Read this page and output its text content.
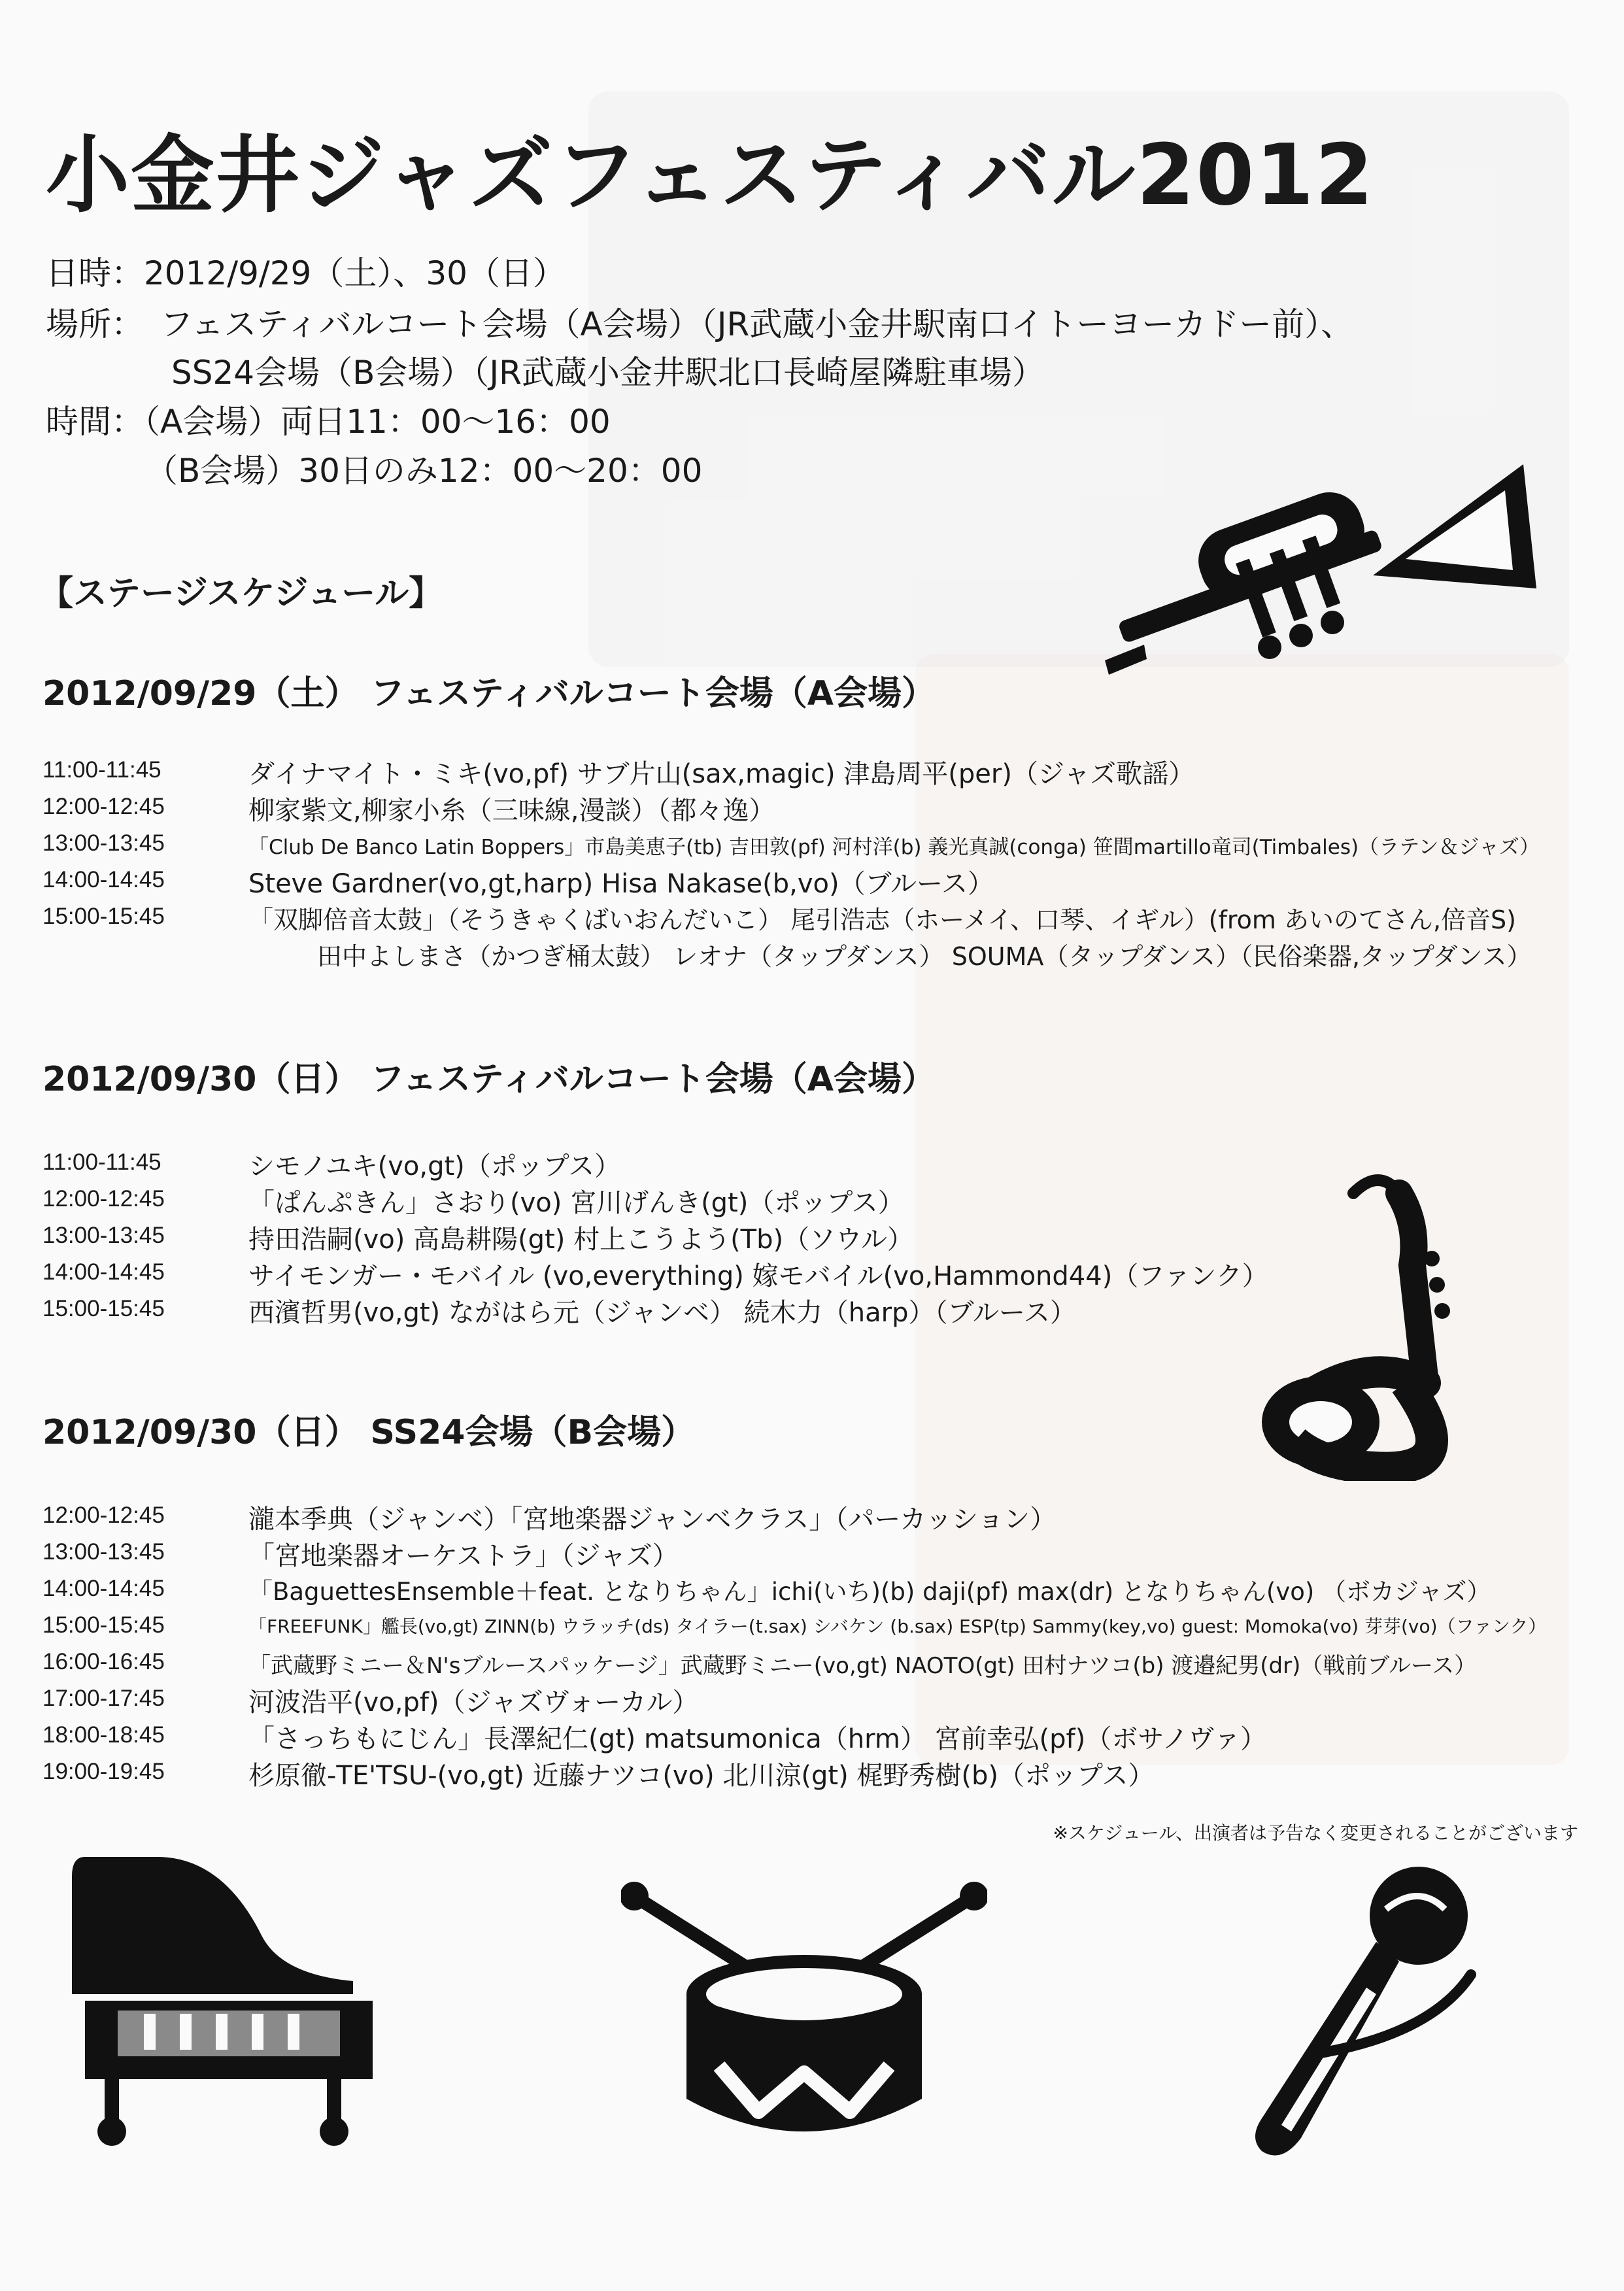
小金井ジャズフェスティバル2012
日時：2012/9/29（土）、30（日）
場所：　フェスティバルコート会場（A会場）（JR武蔵小金井駅南口イトーヨーカドー前）、
SS24会場（B会場）（JR武蔵小金井駅北口長崎屋隣駐車場）
時間：（A会場）両日11：00～16：00
（B会場）30日のみ12：00～20：00
【ステージスケジュール】
2012/09/29（土） フェスティバルコート会場（A会場）
11:00-11:45	ダイナマイト・ミキ(vo,pf) サブ片山(sax,magic) 津島周平(per)（ジャズ歌謡）
12:00-12:45	柳家紫文,柳家小糸（三味線,漫談）（都々逸）
13:00-13:45	「Club De Banco Latin Boppers」市島美恵子(tb) 吉田敦(pf) 河村洋(b) 義光真誠(conga) 笹間martillo竜司(Timbales)（ラテン＆ジャズ）
14:00-14:45	Steve Gardner(vo,gt,harp) Hisa Nakase(b,vo)（ブルース）
15:00-15:45	「双脚倍音太鼓」（そうきゃくばいおんだいこ） 尾引浩志（ホーメイ、口琴、イギル）(from あいのてさん,倍音S)
田中よしまさ（かつぎ桶太鼓） レオナ（タップダンス） SOUMA（タップダンス）（民俗楽器,タップダンス）
2012/09/30（日） フェスティバルコート会場（A会場）
11:00-11:45	シモノユキ(vo,gt)（ポップス）
12:00-12:45	「ぱんぷきん」さおり(vo) 宮川げんき(gt)（ポップス）
13:00-13:45	持田浩嗣(vo) 高島耕陽(gt) 村上こうよう(Tb)（ソウル）
14:00-14:45	サイモンガー・モバイル (vo,everything) 嫁モバイル(vo,Hammond44)（ファンク）
15:00-15:45	西濱哲男(vo,gt) ながはら元（ジャンベ） 続木力（harp）（ブルース）
2012/09/30（日） SS24会場（B会場）
12:00-12:45	瀧本季典（ジャンベ）「宮地楽器ジャンベクラス」（パーカッション）
13:00-13:45	「宮地楽器オーケストラ」（ジャズ）
14:00-14:45	「BaguettesEnsemble＋feat. となりちゃん」ichi(いち)(b) daji(pf) max(dr) となりちゃん(vo) （ボカジャズ）
15:00-15:45	「FREEFUNK」艦長(vo,gt) ZINN(b) ウラッチ(ds) タイラー(t.sax) シバケン (b.sax) ESP(tp) Sammy(key,vo) guest: Momoka(vo) 芽芽(vo)（ファンク）
16:00-16:45	「武蔵野ミニー＆N'sブルースパッケージ」武蔵野ミニー(vo,gt) NAOTO(gt) 田村ナツコ(b) 渡邉紀男(dr)（戦前ブルース）
17:00-17:45	河波浩平(vo,pf)（ジャズヴォーカル）
18:00-18:45	「さっちもにじん」長澤紀仁(gt) matsumonica（hrm） 宮前幸弘(pf)（ボサノヴァ）
19:00-19:45	杉原徹-TE'TSU-(vo,gt) 近藤ナツコ(vo) 北川涼(gt) 梶野秀樹(b)（ポップス）
※スケジュール、出演者は予告なく変更されることがございます
